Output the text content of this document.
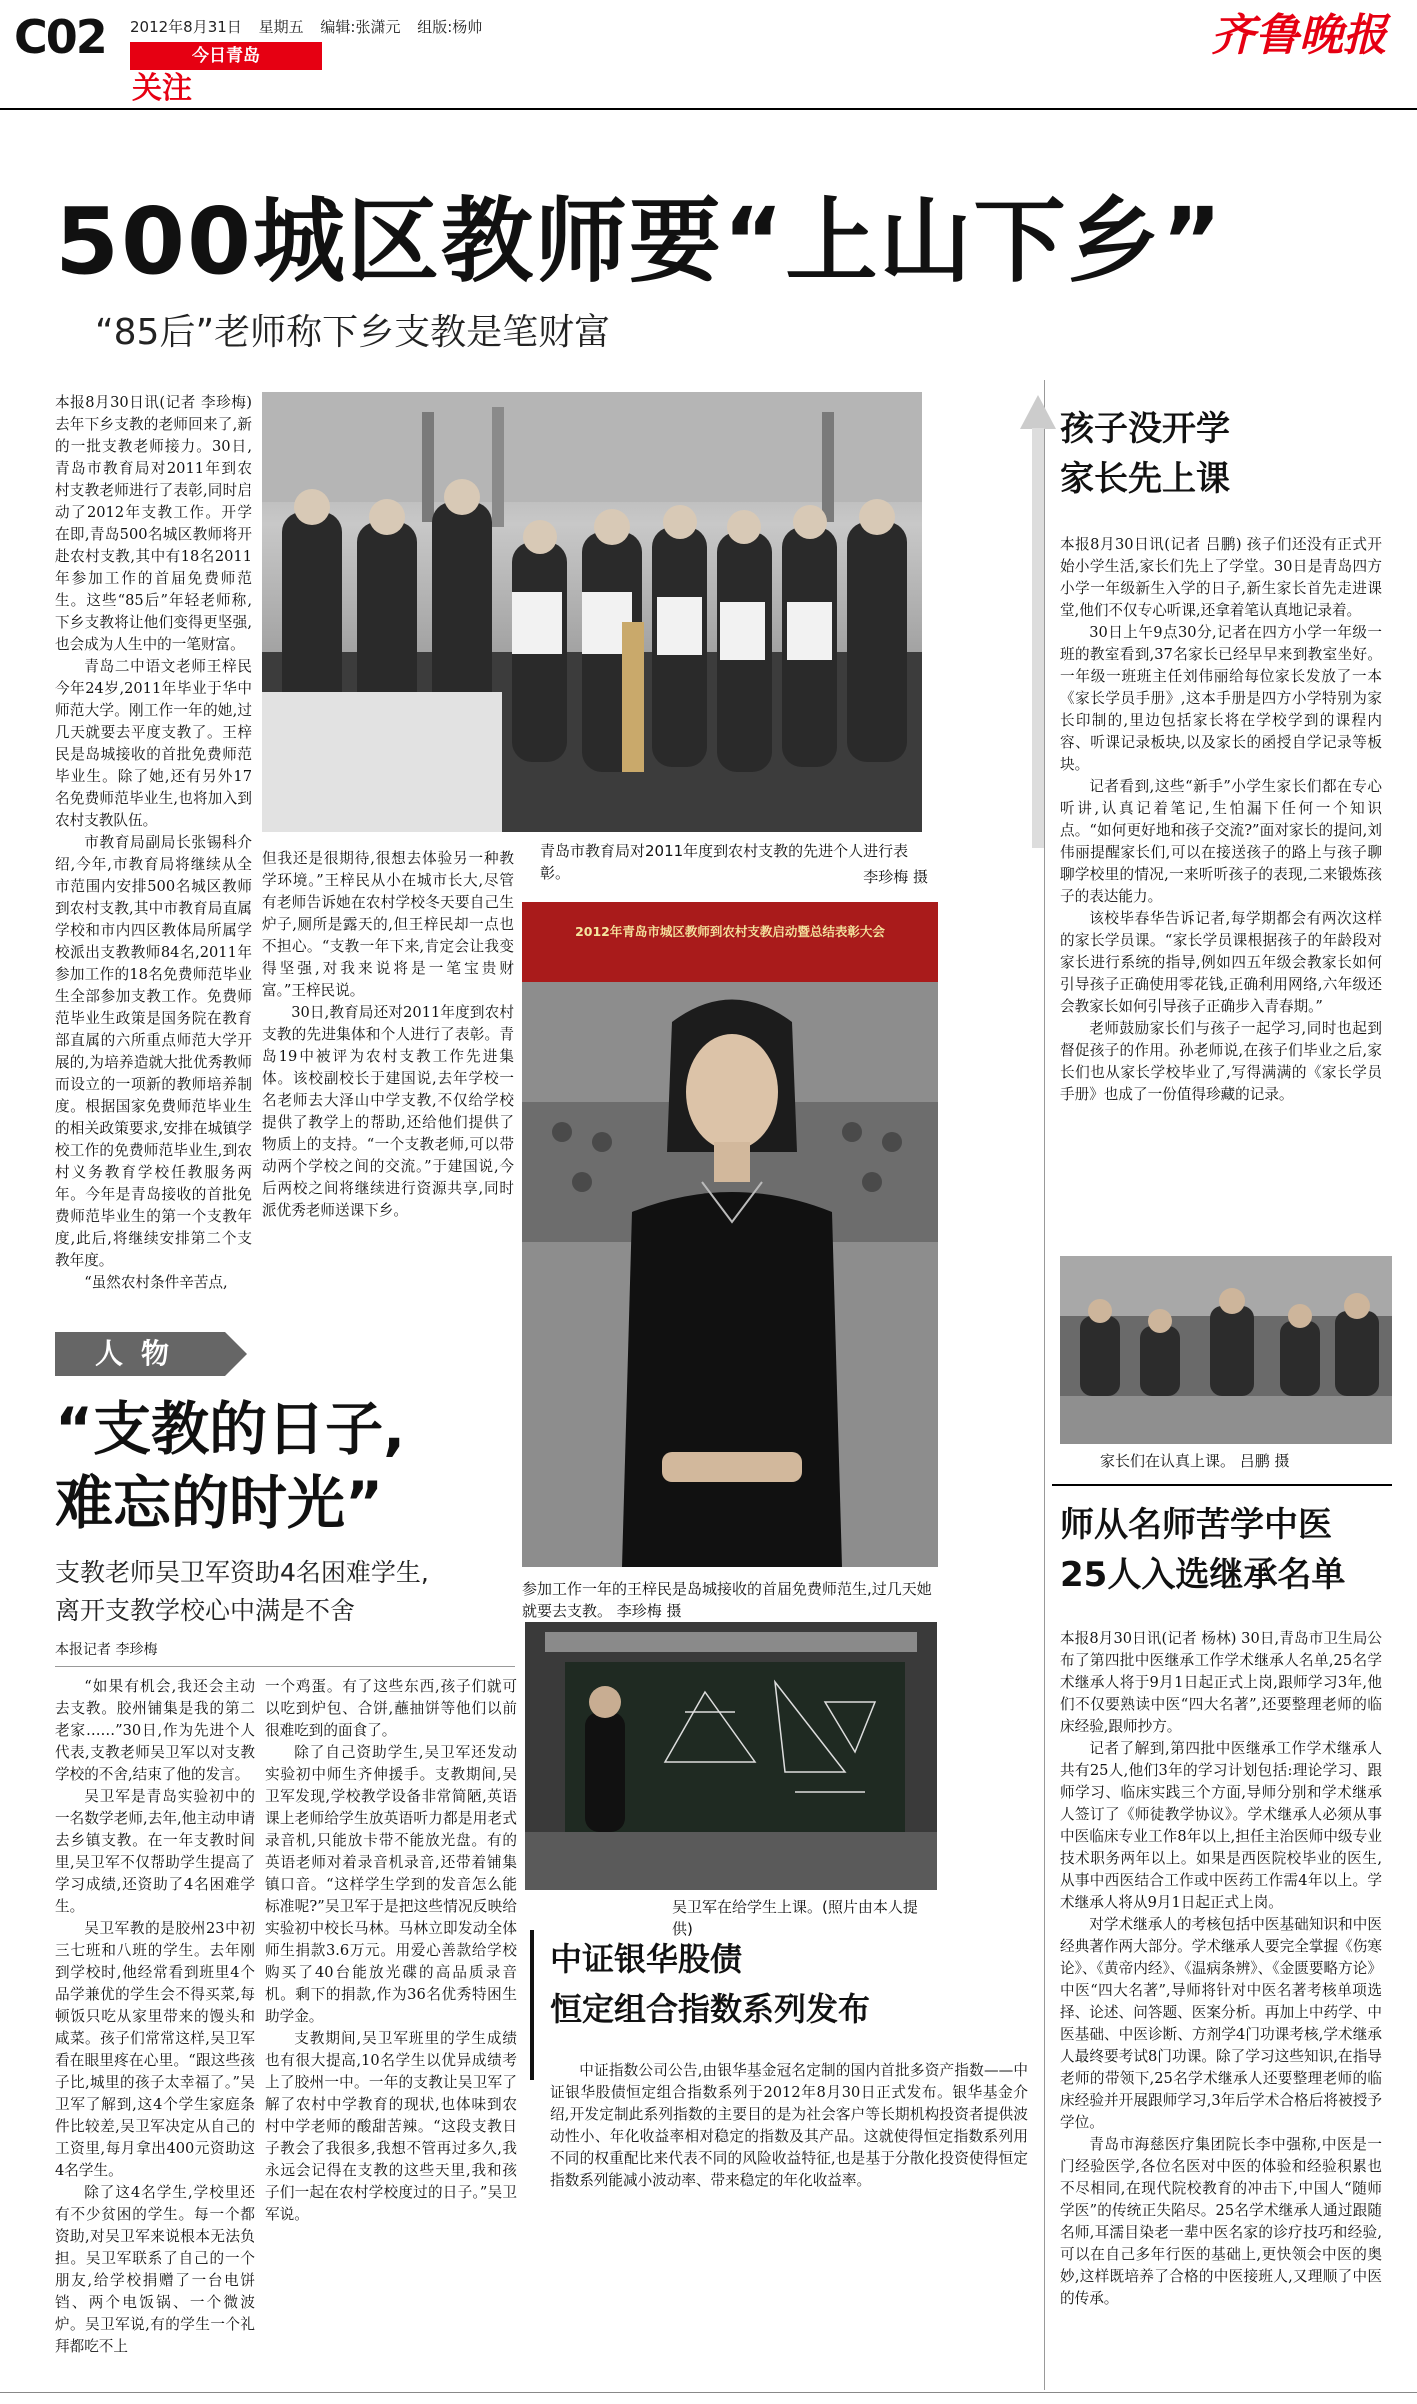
C02 2012年8月31日 星期五 编辑:张潇元 组版:杨帅
今日青岛
关注
齐鲁晚报
500城区教师要“上山下乡”
“85后”老师称下乡支教是笔财富

本报8月30日讯(记者 李珍梅) 去年下乡支教的老师回来了,新的一批支教老师接力。30日,青岛市教育局对2011年到农村支教老师进行了表彰,同时启动了2012年支教工作。开学在即,青岛500名城区教师将开赴农村支教,其中有18名2011年参加工作的首届免费师范生。这些“85后”年轻老师称,下乡支教将让他们变得更坚强,也会成为人生中的一笔财富。

青岛二中语文老师王梓民今年24岁,2011年毕业于华中师范大学。刚工作一年的她,过几天就要去平度支教了。王梓民是岛城接收的首批免费师范毕业生。除了她,还有另外17名免费师范毕业生,也将加入到农村支教队伍。

市教育局副局长张锡科介绍,今年,市教育局将继续从全市范围内安排500名城区教师到农村支教,其中市教育局直属学校和市内四区教体局所属学校派出支教教师84名,2011年参加工作的18名免费师范毕业生全部参加支教工作。免费师范毕业生政策是国务院在教育部直属的六所重点师范大学开展的,为培养造就大批优秀教师而设立的一项新的教师培养制度。根据国家免费师范毕业生的相关政策要求,安排在城镇学校工作的免费师范毕业生,到农村义务教育学校任教服务两年。今年是青岛接收的首批免费师范毕业生的第一个支教年度,此后,将继续安排第二个支教年度。

“虽然农村条件辛苦点,

青岛市教育局对2011年度到农村支教的先进个人进行表彰。	李珍梅 摄

但我还是很期待,很想去体验另一种教学环境。”王梓民从小在城市长大,尽管有老师告诉她在农村学校冬天要自己生炉子,厕所是露天的,但王梓民却一点也不担心。“支教一年下来,肯定会让我变得坚强,对我来说将是一笔宝贵财富。”王梓民说。

30日,教育局还对2011年度到农村支教的先进集体和个人进行了表彰。青岛19中被评为农村支教工作先进集体。该校副校长于建国说,去年学校一名老师去大泽山中学支教,不仅给学校提供了教学上的帮助,还给他们提供了物质上的支持。“一个支教老师,可以带动两个学校之间的交流。”于建国说,今后两校之间将继续进行资源共享,同时派优秀老师送课下乡。

2012年青岛市城区教师到农村支教启动暨总结表彰大会
参加工作一年的王梓民是岛城接收的首届免费师范生,过几天她就要去支教。 李珍梅 摄
人物
“支教的日子,
难忘的时光”
支教老师吴卫军资助4名困难学生,
离开支教学校心中满是不舍
本报记者 李珍梅

“如果有机会,我还会主动去支教。胶州铺集是我的第二老家……”30日,作为先进个人代表,支教老师吴卫军以对支教学校的不舍,结束了他的发言。

吴卫军是青岛实验初中的一名数学老师,去年,他主动申请去乡镇支教。在一年支教时间里,吴卫军不仅帮助学生提高了学习成绩,还资助了4名困难学生。

吴卫军教的是胶州23中初三七班和八班的学生。去年刚到学校时,他经常看到班里4个品学兼优的学生会不得买菜,每顿饭只吃从家里带来的馒头和咸菜。孩子们常常这样,吴卫军看在眼里疼在心里。“跟这些孩子比,城里的孩子太幸福了。”吴卫军了解到,这4个学生家庭条件比较差,吴卫军决定从自己的工资里,每月拿出400元资助这4名学生。

除了这4名学生,学校里还有不少贫困的学生。每一个都资助,对吴卫军来说根本无法负担。吴卫军联系了自己的一个朋友,给学校捐赠了一台电饼铛、两个电饭锅、一个微波炉。吴卫军说,有的学生一个礼拜都吃不上

一个鸡蛋。有了这些东西,孩子们就可以吃到炉包、合饼,蘸抽饼等他们以前很难吃到的面食了。

除了自己资助学生,吴卫军还发动实验初中师生齐伸援手。支教期间,吴卫军发现,学校教学设备非常简陋,英语课上老师给学生放英语听力都是用老式录音机,只能放卡带不能放光盘。有的英语老师对着录音机录音,还带着铺集镇口音。“这样学生学到的发音怎么能标准呢?”吴卫军于是把这些情况反映给实验初中校长马林。马林立即发动全体师生捐款3.6万元。用爱心善款给学校购买了40台能放光碟的高品质录音机。剩下的捐款,作为36名优秀特困生助学金。

支教期间,吴卫军班里的学生成绩也有很大提高,10名学生以优异成绩考上了胶州一中。一年的支教让吴卫军了解了农村中学教育的现状,也体味到农村中学老师的酸甜苦辣。“这段支教日子教会了我很多,我想不管再过多久,我永远会记得在支教的这些天里,我和孩子们一起在农村学校度过的日子。”吴卫军说。

吴卫军在给学生上课。(照片由本人提供)
孩子没开学
家长先上课

本报8月30日讯(记者 吕鹏) 孩子们还没有正式开始小学生活,家长们先上了学堂。30日是青岛四方小学一年级新生入学的日子,新生家长首先走进课堂,他们不仅专心听课,还拿着笔认真地记录着。

30日上午9点30分,记者在四方小学一年级一班的教室看到,37名家长已经早早来到教室坐好。一年级一班班主任刘伟丽给每位家长发放了一本《家长学员手册》,这本手册是四方小学特别为家长印制的,里边包括家长将在学校学到的课程内容、听课记录板块,以及家长的函授自学记录等板块。

记者看到,这些“新手”小学生家长们都在专心听讲,认真记着笔记,生怕漏下任何一个知识点。“如何更好地和孩子交流?”面对家长的提问,刘伟丽提醒家长们,可以在接送孩子的路上与孩子聊聊学校里的情况,一来听听孩子的表现,二来锻炼孩子的表达能力。

该校毕春华告诉记者,每学期都会有两次这样的家长学员课。“家长学员课根据孩子的年龄段对家长进行系统的指导,例如四五年级会教家长如何引导孩子正确使用零花钱,正确利用网络,六年级还会教家长如何引导孩子正确步入青春期。”

老师鼓励家长们与孩子一起学习,同时也起到督促孩子的作用。孙老师说,在孩子们毕业之后,家长们也从家长学校毕业了,写得满满的《家长学员手册》也成了一份值得珍藏的记录。

家长们在认真上课。 吕鹏 摄
师从名师苦学中医
25人入选继承名单

本报8月30日讯(记者 杨林) 30日,青岛市卫生局公布了第四批中医继承工作学术继承人名单,25名学术继承人将于9月1日起正式上岗,跟师学习3年,他们不仅要熟读中医“四大名著”,还要整理老师的临床经验,跟师抄方。

记者了解到,第四批中医继承工作学术继承人共有25人,他们3年的学习计划包括:理论学习、跟师学习、临床实践三个方面,导师分别和学术继承人签订了《师徒教学协议》。学术继承人必须从事中医临床专业工作8年以上,担任主治医师中级专业技术职务两年以上。如果是西医院校毕业的医生,从事中西医结合工作或中医药工作需4年以上。学术继承人将从9月1日起正式上岗。

对学术继承人的考核包括中医基础知识和中医经典著作两大部分。学术继承人要完全掌握《伤寒论》、《黄帝内经》、《温病条辨》、《金匮要略方论》中医“四大名著”,导师将针对中医名著考核单项选择、论述、问答题、医案分析。再加上中药学、中医基础、中医诊断、方剂学4门功课考核,学术继承人最终要考试8门功课。除了学习这些知识,在指导老师的带领下,25名学术继承人还要整理老师的临床经验并开展跟师学习,3年后学术合格后将被授予学位。

青岛市海慈医疗集团院长李中强称,中医是一门经验医学,各位名医对中医的体验和经验积累也不尽相同,在现代院校教育的冲击下,中国人“随师学医”的传统正失陷尽。25名学术继承人通过跟随名师,耳濡目染老一辈中医名家的诊疗技巧和经验,可以在自己多年行医的基础上,更快领会中医的奥妙,这样既培养了合格的中医接班人,又理顺了中医的传承。

中证银华股债
恒定组合指数系列发布

中证指数公司公告,由银华基金冠名定制的国内首批多资产指数——中证银华股债恒定组合指数系列于2012年8月30日正式发布。银华基金介绍,开发定制此系列指数的主要目的是为社会客户等长期机构投资者提供波动性小、年化收益率相对稳定的指数及其产品。这就使得恒定指数系列用不同的权重配比来代表不同的风险收益特征,也是基于分散化投资使得恒定指数系列能减小波动率、带来稳定的年化收益率。
